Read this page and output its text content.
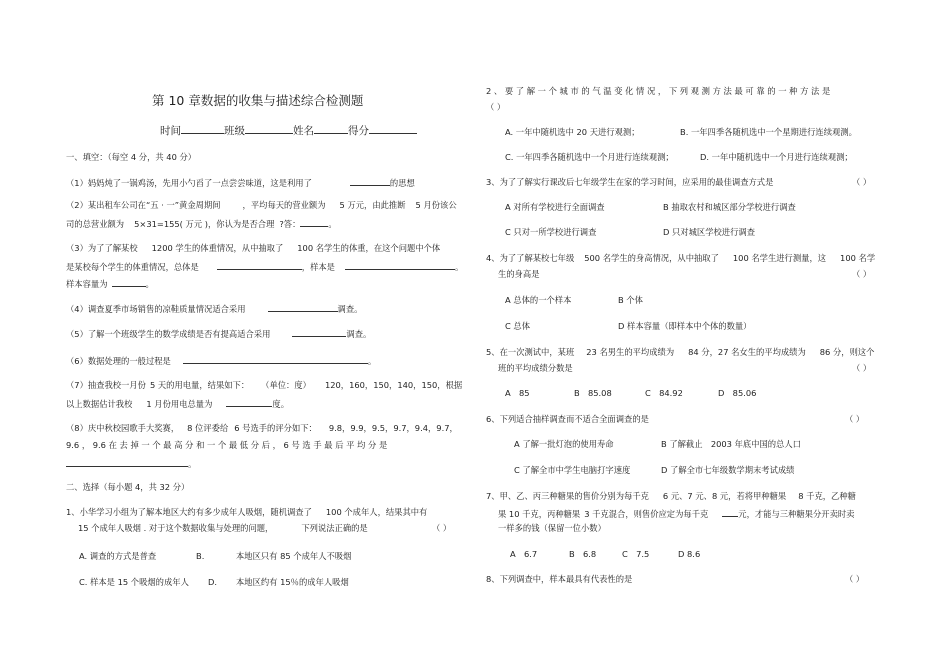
第 10 章数据的收集与描述综合检测题
时间	班级	姓名	得分
一、填空：（每空 4 分，共 40 分）
（1）妈妈炖了一锅鸡汤，先用小勺舀了一点尝尝味道，这是利用了	的思想
（2）某出租车公司在“五 · 一”黄金周期间	，平均每天的营业额为 5 万元，由此推断 5 月份该公
司的总营业额为 5×31=155( 万元 )，你认为是否合理 ?答：	。
（3）为了了解某校 1200 学生的体重情况，从中抽取了 100 名学生的体重，在这个问题中个体
是某校每个学生的体重情况，总体是	，样本是	。
样本容量为	。
（4）调查夏季市场销售的凉鞋质量情况适合采用	调查。
（5）了解一个班级学生的数学成绩是否有提高适合采用	调查。
（6）数据处理的一般过程是	。
（7）抽查我校一月份 5 天的用电量，结果如下： （单位：度） 120，160，150，140，150，根据
以上数据估计我校 1 月份用电总量为	度。
（8）庆中秋校园歌手大奖赛， 8 位评委给 6 号选手的评分如下： 9.8，9.9，9.5，9.7，9.4，9.7，
9.6 ， 9.6 在 去 掉 一 个 最 高 分 和 一 个 最 低 分 后 ， 6 号 选 手 最 后 平 均 分 是
。
二、选择（每小题 4，共 32 分）
1、小华学习小组为了解本地区大约有多少成年人吸烟，随机调查了 100 个成年人，结果其中有
15 个成年人吸烟 . 对于这个数据收集与处理的问题，	下列说法正确的是	（ ）
A. 调查的方式是普查	B.	本地区只有 85 个成年人不吸烟
C. 样本是 15 个吸烟的成年人 D. 本地区约有 15％的成年人吸烟
2 、 要 了 解 一 个 城 市 的 气 温 变 化 情 况 ， 下 列 观 测 方 法 最 可 靠 的 一 种 方 法 是
（ ）
A. 一年中随机选中 20 天进行观测；	B. 一年四季各随机选中一个星期进行连续观测。
C. 一年四季各随机选中一个月进行连续观测；	D. 一年中随机选中一个月进行连续观测；
3、为了了解实行课改后七年级学生在家的学习时间，应采用的最佳调查方式是	（ ）
A 对所有学校进行全面调查	B 抽取农村和城区部分学校进行调查
C 只对一所学校进行调查	D 只对城区学校进行调查
4、为了了解某校七年级 500 名学生的身高情况，从中抽取了 100 名学生进行测量，这 100 名学
生的身高是	（ ）
A 总体的一个样本	B 个体
C 总体	D 样本容量（即样本中个体的数量）
5、在一次测试中，某班 23 名男生的平均成绩为 84 分，27 名女生的平均成绩为 86 分，则这个
班的平均成绩分数是	（ ）
A　85	B　85.08	C　84.92	D　85.06
6、下列适合抽样调查而不适合全面调查的是	（ ）
A 了解一批灯泡的使用寿命	B 了解截止　2003 年底中国的总人口
C 了解全市中学生电脑打字速度	D 了解全市七年级数学期末考试成绩
7、甲、乙、丙三种糖果的售价分别为每千克 6 元、7 元、8 元，若将甲种糖果 8 千克，乙种糖
果 10 千克，丙种糖果 3 千克混合，则售价应定为每千克	元，才能与三种糖果分开卖时卖
一样多的钱（保留一位小数）
A　6.7	B　6.8	C　7.5	D 8.6
8、下列调查中，样本最具有代表性的是	（ ）
